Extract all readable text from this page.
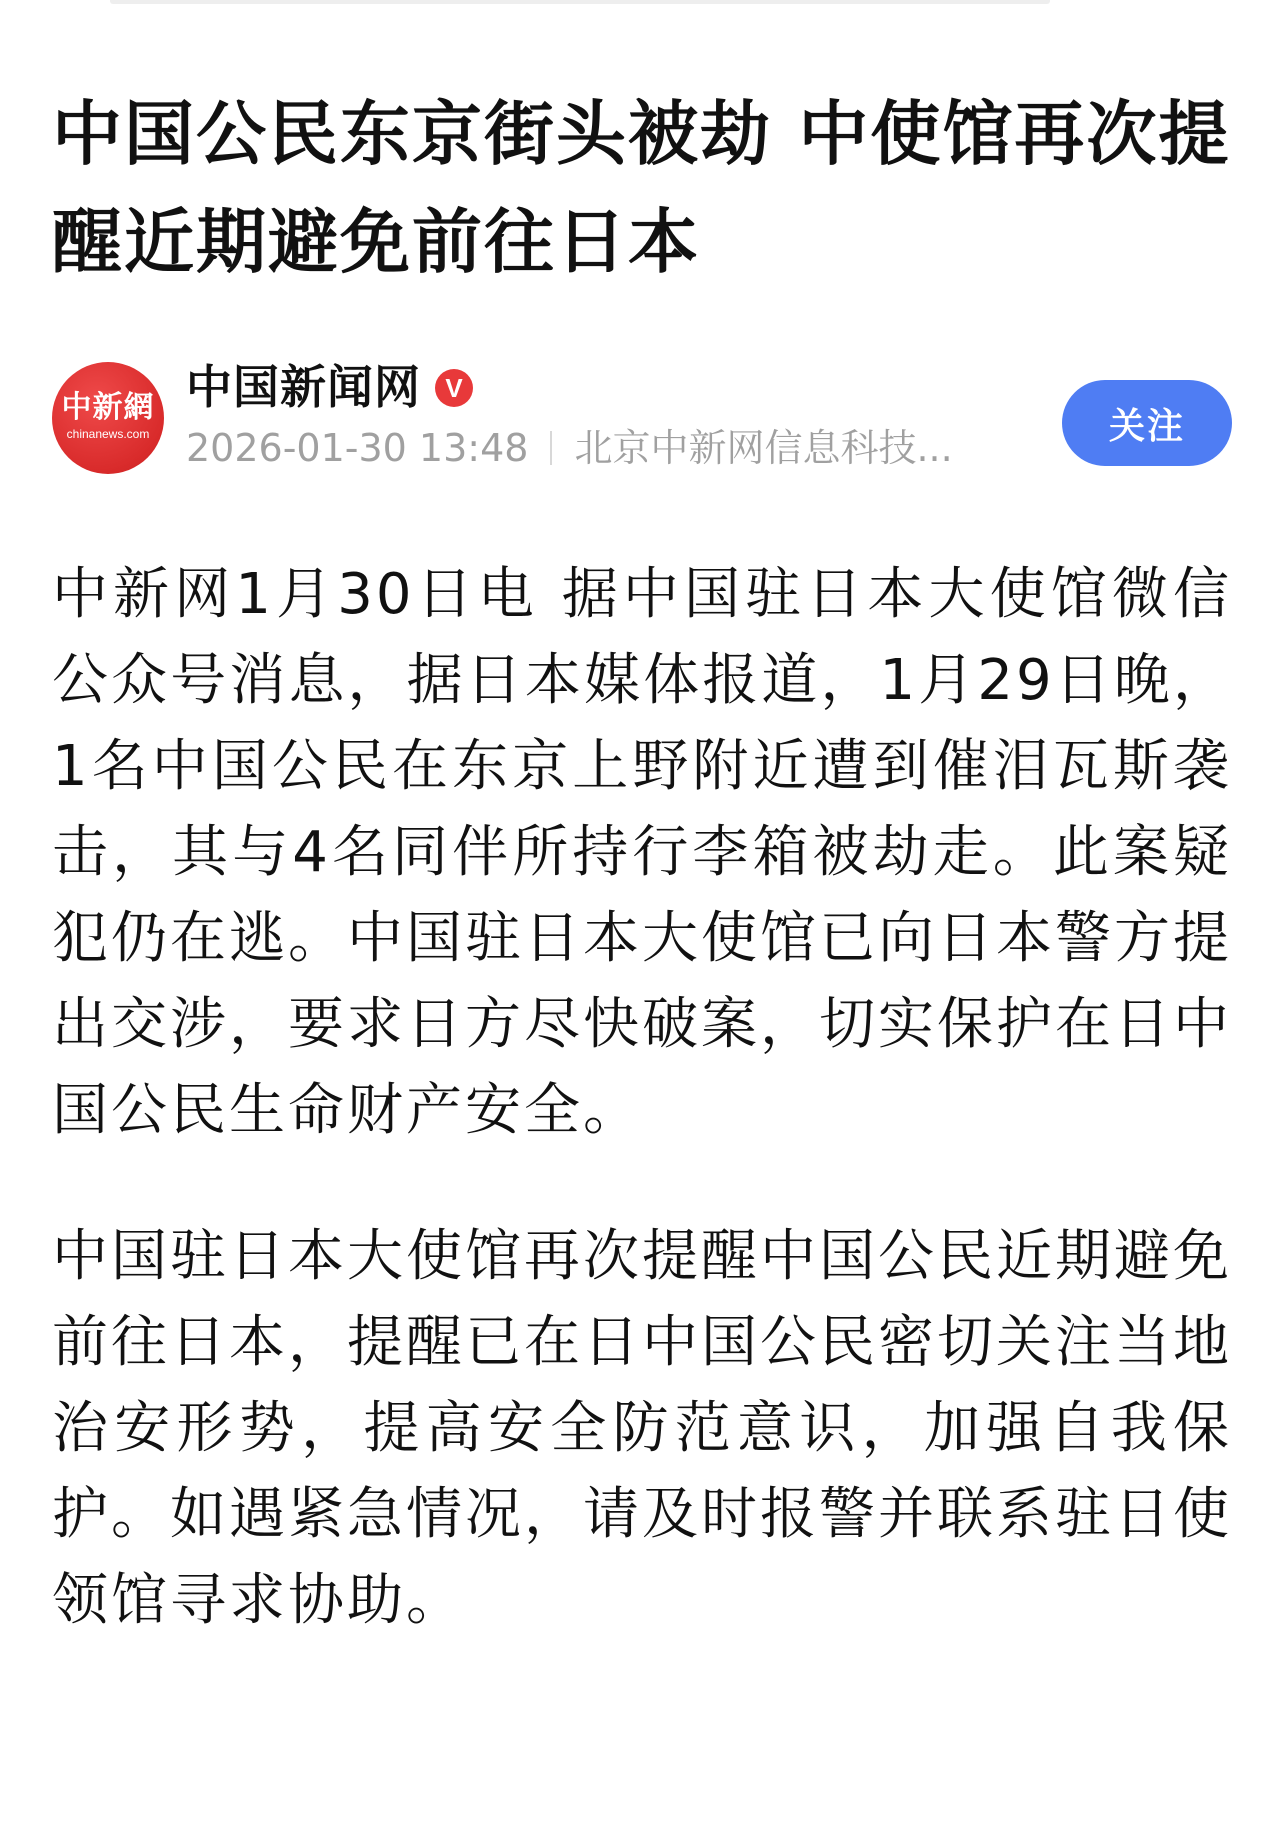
中国公民东京街头被劫 中使馆再次提醒近期避免前往日本
中新網
chinanews.com
中国新闻网 V
2026-01-30 13:48 北京中新网信息科技...
关注

中新网1月30日电 据中国驻日本大使馆微信公众号消息，据日本媒体报道，1月29日晚，1名中国公民在东京上野附近遭到催泪瓦斯袭击，其与4名同伴所持行李箱被劫走。此案疑犯仍在逃。中国驻日本大使馆已向日本警方提出交涉，要求日方尽快破案，切实保护在日中国公民生命财产安全。

中国驻日本大使馆再次提醒中国公民近期避免前往日本，提醒已在日中国公民密切关注当地治安形势，提高安全防范意识，加强自我保护。如遇紧急情况，请及时报警并联系驻日使领馆寻求协助。
